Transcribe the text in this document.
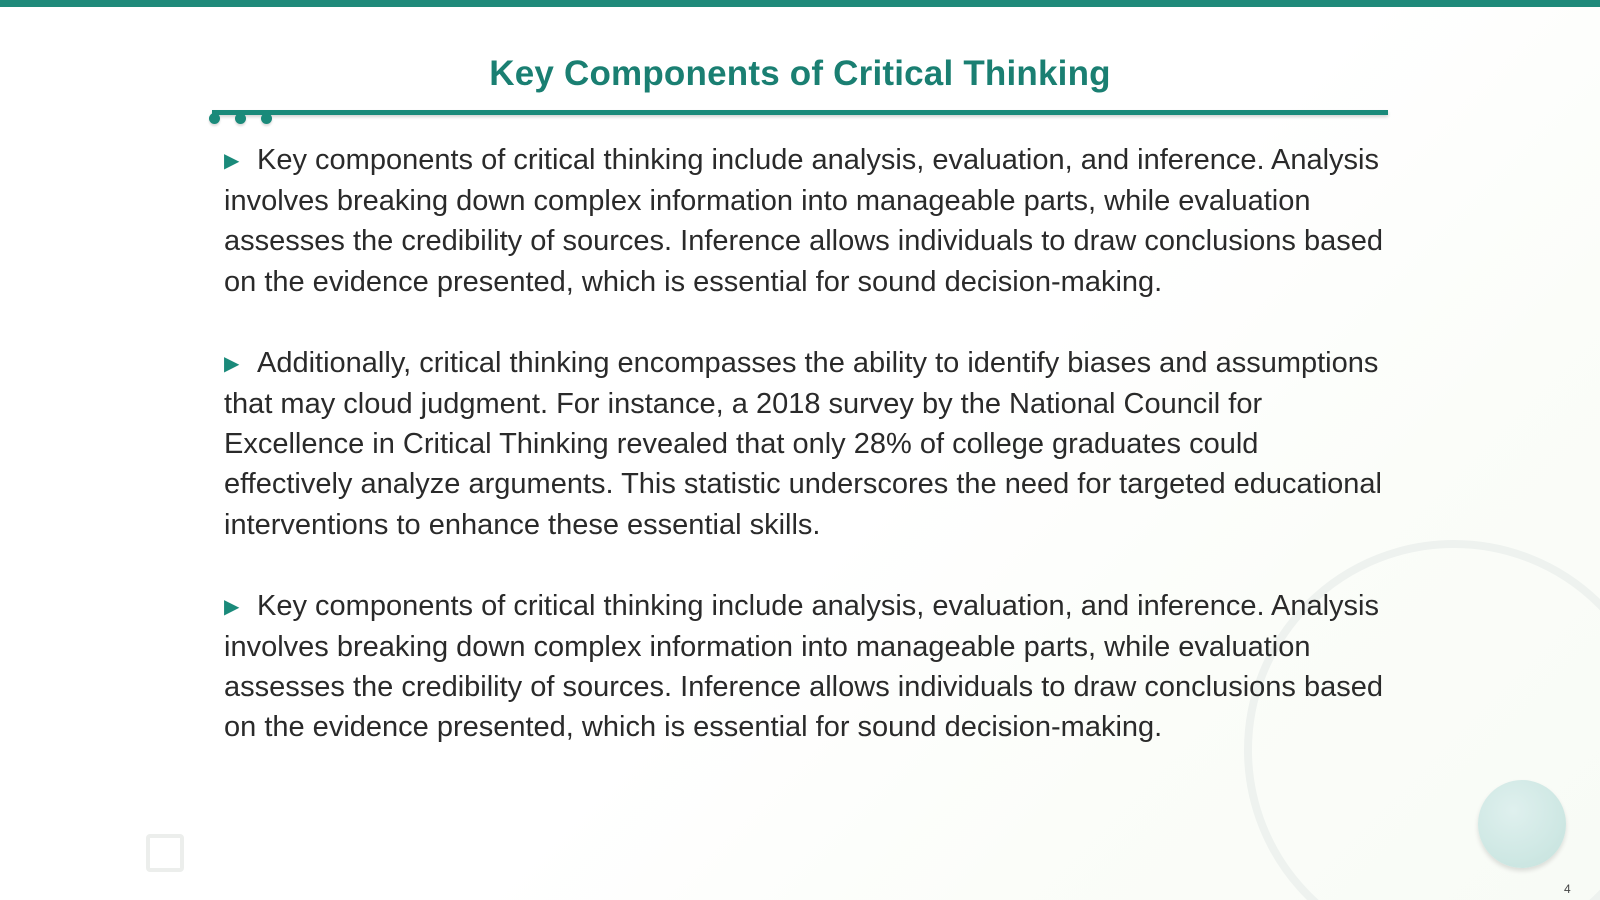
Key Components of Critical Thinking

▶ Key components of critical thinking include analysis, evaluation, and inference. Analysis involves breaking down complex information into manageable parts, while evaluation assesses the credibility of sources. Inference allows individuals to draw conclusions based on the evidence presented, which is essential for sound decision-making.

▶ Additionally, critical thinking encompasses the ability to identify biases and assumptions that may cloud judgment. For instance, a 2018 survey by the National Council for Excellence in Critical Thinking revealed that only 28% of college graduates could effectively analyze arguments. This statistic underscores the need for targeted educational interventions to enhance these essential skills.

▶ Key components of critical thinking include analysis, evaluation, and inference. Analysis involves breaking down complex information into manageable parts, while evaluation assesses the credibility of sources. Inference allows individuals to draw conclusions based on the evidence presented, which is essential for sound decision-making.

4
